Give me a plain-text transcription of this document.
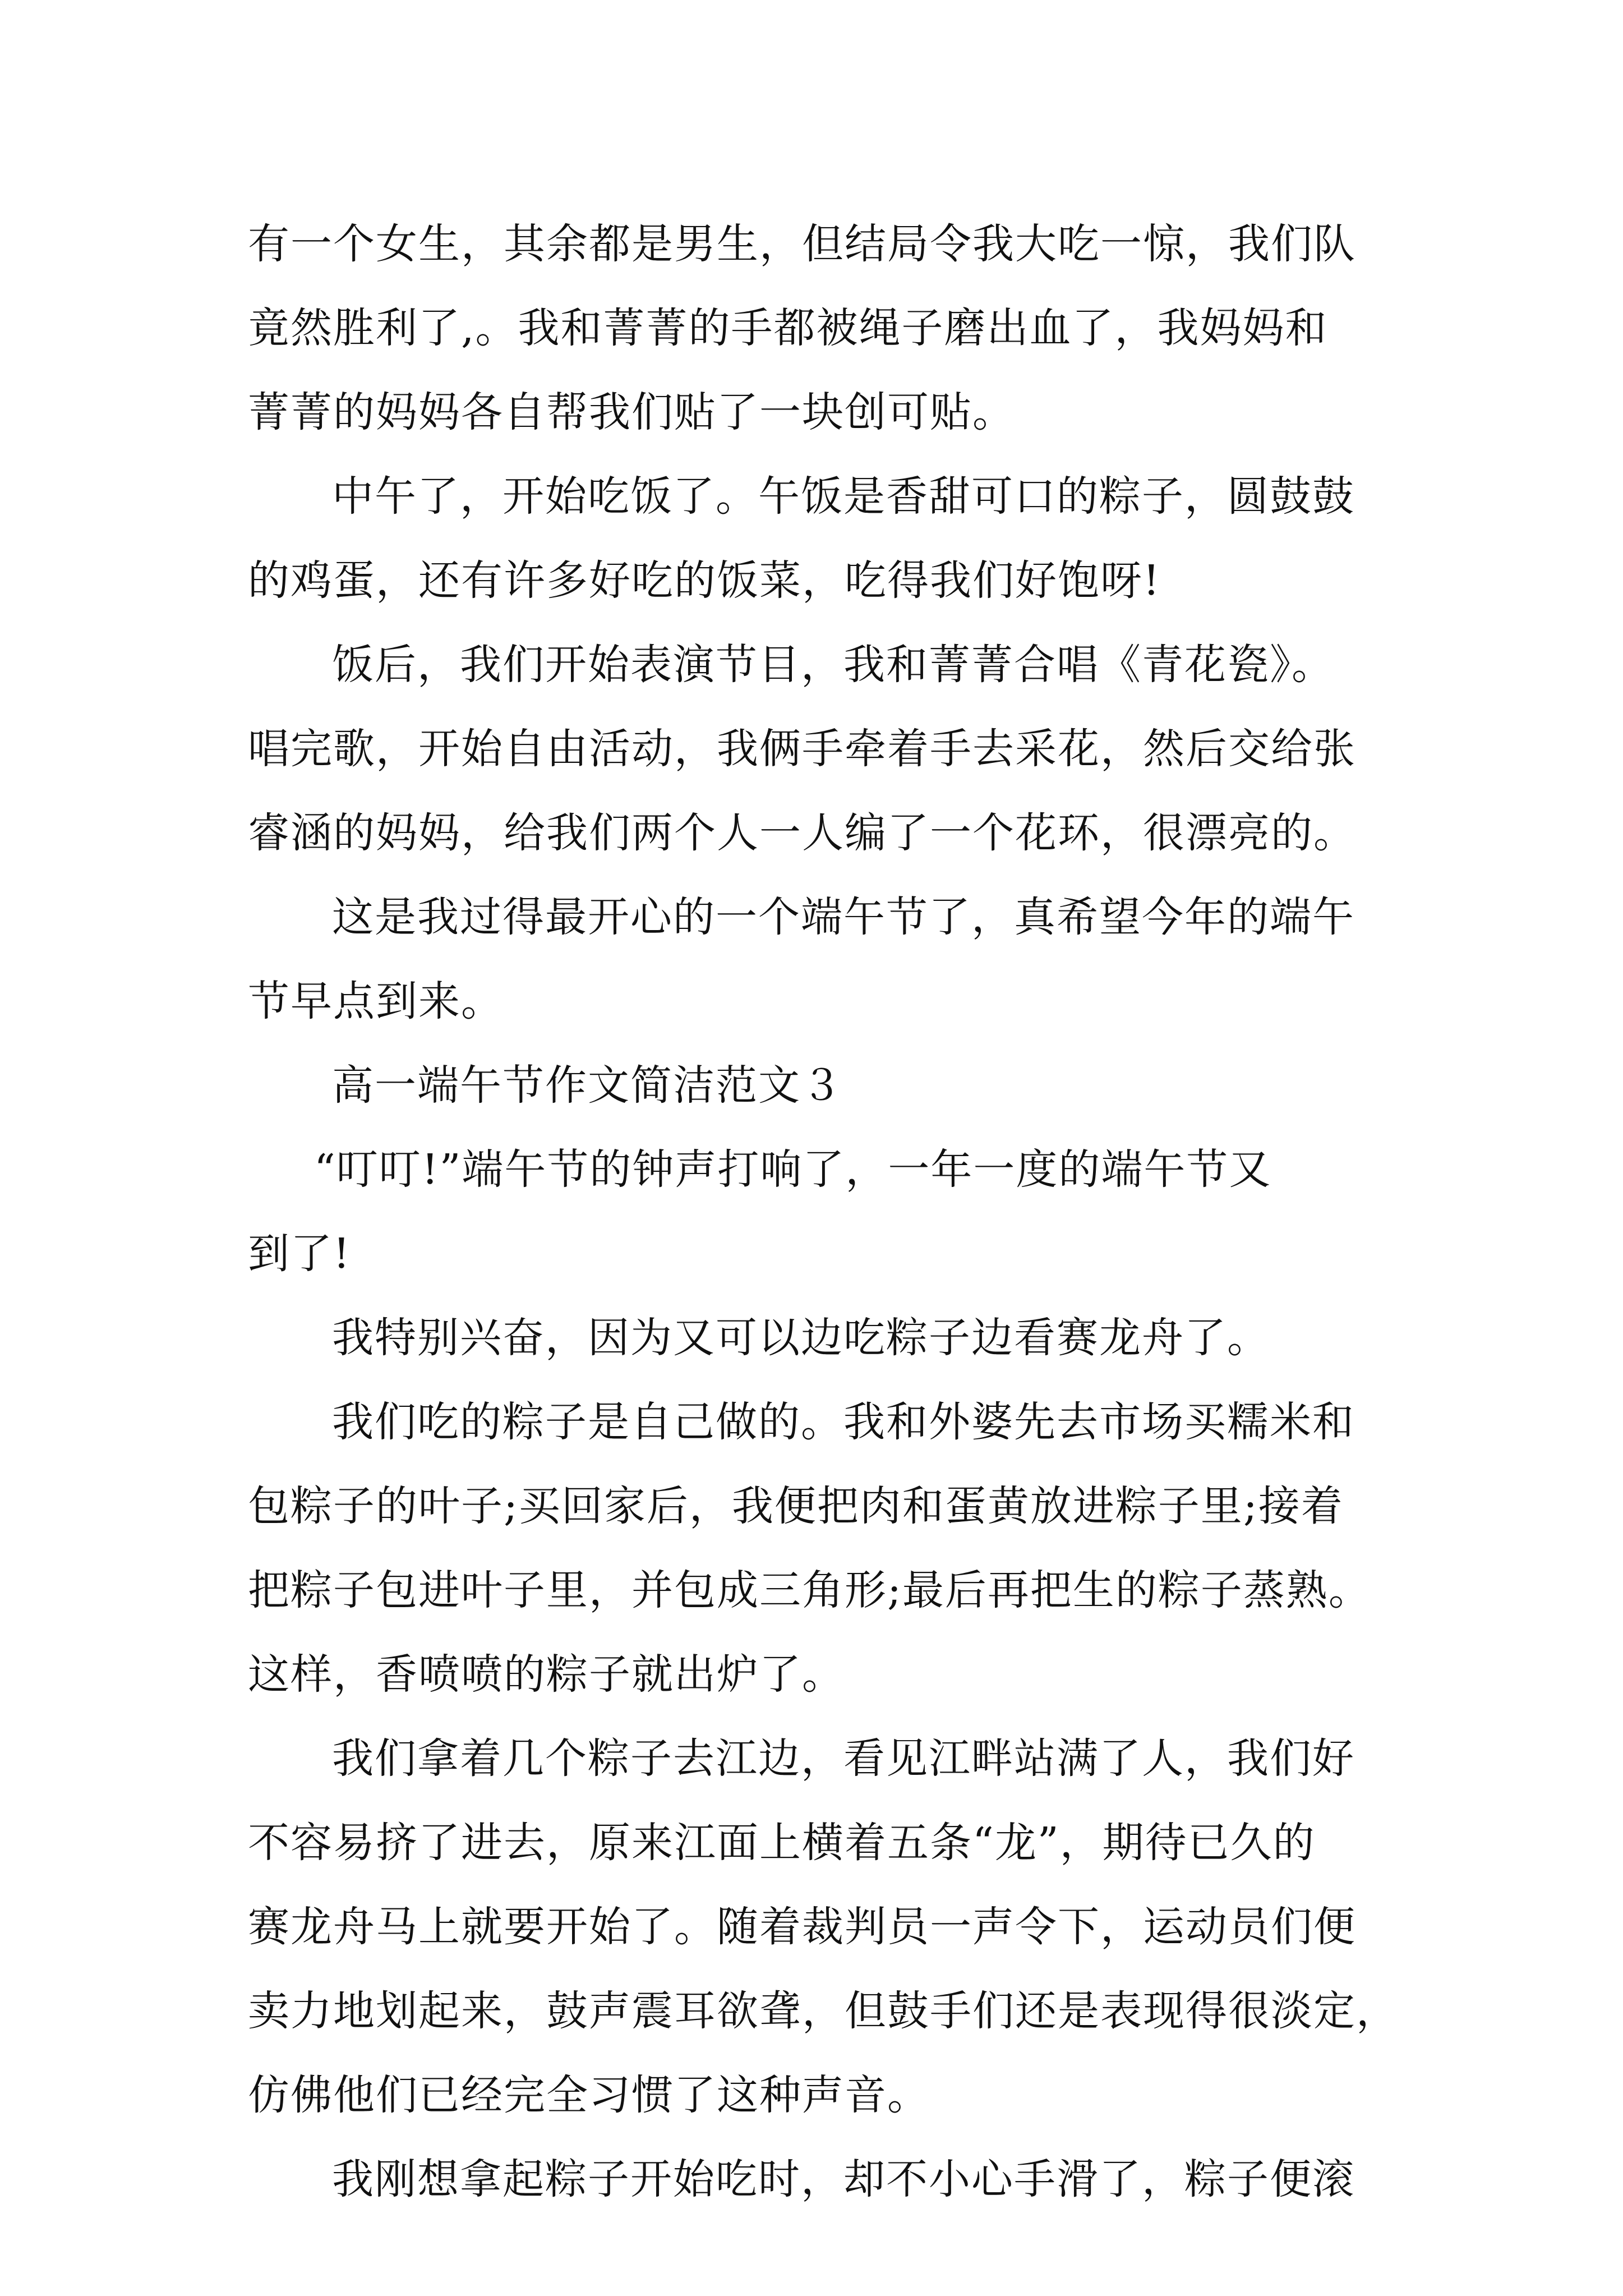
有一个女生，其余都是男生，但结局令我大吃一惊，我们队
竟然胜利了,。我和菁菁的手都被绳子磨出血了，我妈妈和
菁菁的妈妈各自帮我们贴了一块创可贴。
中午了，开始吃饭了。午饭是香甜可口的粽子，圆鼓鼓
的鸡蛋，还有许多好吃的饭菜，吃得我们好饱呀!
饭后，我们开始表演节目，我和菁菁合唱《青花瓷》。
唱完歌，开始自由活动，我俩手牵着手去采花，然后交给张
睿涵的妈妈，给我们两个人一人编了一个花环，很漂亮的。
这是我过得最开心的一个端午节了，真希望今年的端午
节早点到来。
高一端午节作文简洁范文３
“叮叮!”端午节的钟声打响了，一年一度的端午节又
到了!
我特别兴奋，因为又可以边吃粽子边看赛龙舟了。
我们吃的粽子是自己做的。我和外婆先去市场买糯米和
包粽子的叶子;买回家后，我便把肉和蛋黄放进粽子里;接着
把粽子包进叶子里，并包成三角形;最后再把生的粽子蒸熟。
这样，香喷喷的粽子就出炉了。
我们拿着几个粽子去江边，看见江畔站满了人，我们好
不容易挤了进去，原来江面上横着五条“龙”，期待已久的
赛龙舟马上就要开始了。随着裁判员一声令下，运动员们便
卖力地划起来，鼓声震耳欲聋，但鼓手们还是表现得很淡定，
仿佛他们已经完全习惯了这种声音。
我刚想拿起粽子开始吃时，却不小心手滑了，粽子便滚
